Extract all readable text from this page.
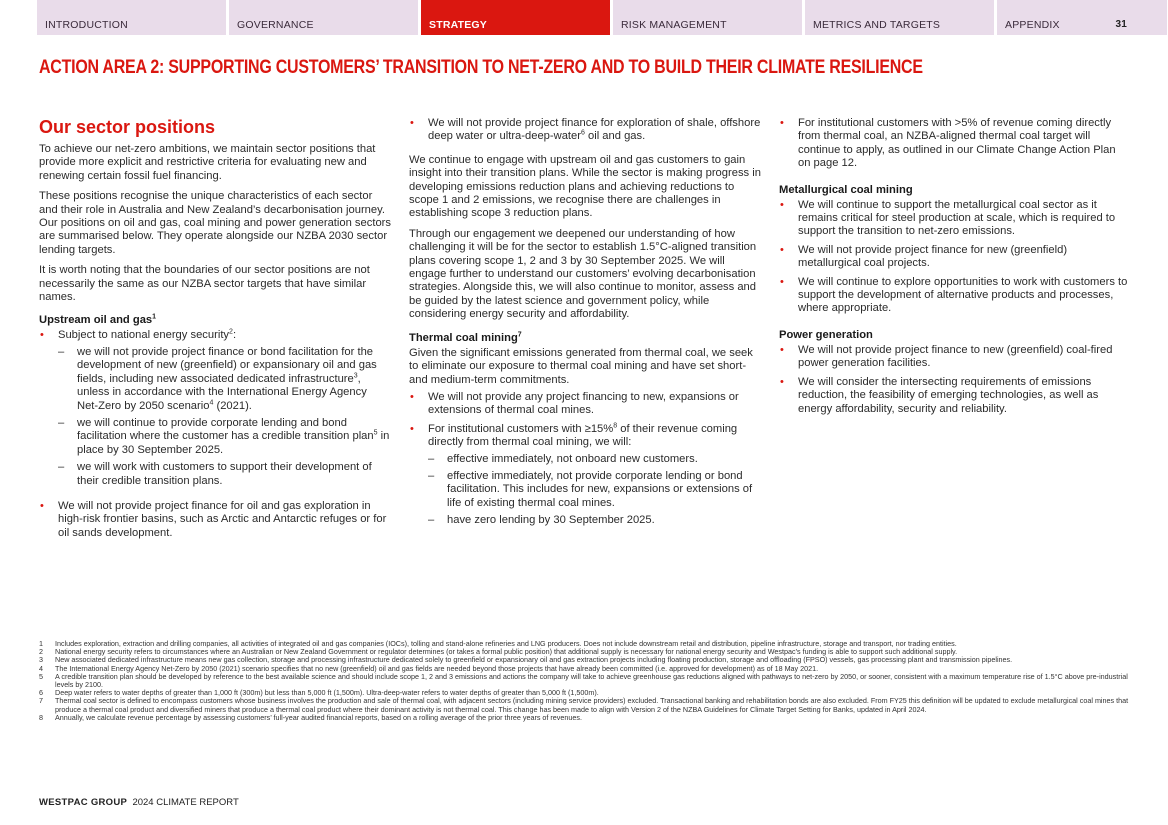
INTRODUCTION	GOVERNANCE	STRATEGY	RISK MANAGEMENT	METRICS AND TARGETS	APPENDIX	31
ACTION AREA 2: SUPPORTING CUSTOMERS’ TRANSITION TO NET-ZERO AND TO BUILD THEIR CLIMATE RESILIENCE
Our sector positions

To achieve our net-zero ambitions, we maintain sector positions that provide more explicit and restrictive criteria for evaluating new and renewing certain fossil fuel financing.

These positions recognise the unique characteristics of each sector and their role in Australia and New Zealand’s decarbonisation journey. Our positions on oil and gas, coal mining and power generation sectors are summarised below. They operate alongside our NZBA 2030 sector lending targets.

It is worth noting that the boundaries of our sector positions are not necessarily the same as our NZBA sector targets that have similar names.

Upstream oil and gas$^1$
• Subject to national energy security$^2$:
– we will not provide project finance or bond facilitation for the development of new (greenfield) or expansionary oil and gas fields, including new associated dedicated infrastructure$^3$, unless in accordance with the International Energy Agency Net-Zero by 2050 scenario$^4$ (2021).
– we will continue to provide corporate lending and bond facilitation where the customer has a credible transition plan$^5$ in place by 30 September 2025.
– we will work with customers to support their development of their credible transition plans.
• We will not provide project finance for oil and gas exploration in high-risk frontier basins, such as Arctic and Antarctic refuges or for oil sands development.
• We will not provide project finance for exploration of shale, offshore deep water or ultra-deep-water$^6$ oil and gas.

We continue to engage with upstream oil and gas customers to gain insight into their transition plans. While the sector is making progress in developing emissions reduction plans and achieving reductions to scope 1 and 2 emissions, we recognise there are challenges in establishing scope 3 reduction plans.

Through our engagement we deepened our understanding of how challenging it will be for the sector to establish 1.5°C-aligned transition plans covering scope 1, 2 and 3 by 30 September 2025. We will engage further to understand our customers’ evolving decarbonisation strategies. Alongside this, we will also continue to monitor, assess and be guided by the latest science and government policy, while considering energy security and affordability.

Thermal coal mining$^7$

Given the significant emissions generated from thermal coal, we seek to eliminate our exposure to thermal coal mining and have set short- and medium-term commitments.

• We will not provide any project financing to new, expansions or extensions of thermal coal mines.
• For institutional customers with ≥15%$^8$ of their revenue coming directly from thermal coal mining, we will:
– effective immediately, not onboard new customers.
– effective immediately, not provide corporate lending or bond facilitation. This includes for new, expansions or extensions of life of existing thermal coal mines.
– have zero lending by 30 September 2025.
• For institutional customers with >5% of revenue coming directly from thermal coal, an NZBA-aligned thermal coal target will continue to apply, as outlined in our Climate Change Action Plan on page 12.
Metallurgical coal mining
• We will continue to support the metallurgical coal sector as it remains critical for steel production at scale, which is required to support the transition to net-zero emissions.
• We will not provide project finance for new (greenfield) metallurgical coal projects.
• We will continue to explore opportunities to work with customers to support the development of alternative products and processes, where appropriate.
Power generation
• We will not provide project finance to new (greenfield) coal-fired power generation facilities.
• We will consider the intersecting requirements of emissions reduction, the feasibility of emerging technologies, as well as energy affordability, security and reliability.
1	Includes exploration, extraction and drilling companies, all activities of integrated oil and gas companies (IOCs), tolling and stand-alone refineries and LNG producers. Does not include downstream retail and distribution, pipeline infrastructure, storage and transport, nor trading entities.
2	National energy security refers to circumstances where an Australian or New Zealand Government or regulator determines (or takes a formal public position) that additional supply is necessary for national energy security and Westpac’s funding is able to support such additional supply.
3	New associated dedicated infrastructure means new gas collection, storage and processing infrastructure dedicated solely to greenfield or expansionary oil and gas extraction projects including floating production, storage and offloading (FPSO) vessels, gas processing plant and transmission pipelines.
4	The International Energy Agency Net-Zero by 2050 (2021) scenario specifies that no new (greenfield) oil and gas fields are needed beyond those projects that have already been committed (i.e. approved for development) as of 18 May 2021.
5	A credible transition plan should be developed by reference to the best available science and should include scope 1, 2 and 3 emissions and actions the company will take to achieve greenhouse gas reductions aligned with pathways to net-zero by 2050, or sooner, consistent with a maximum temperature rise of 1.5°C above pre-industrial levels by 2100.
6	Deep water refers to water depths of greater than 1,000 ft (300m) but less than 5,000 ft (1,500m). Ultra-deep-water refers to water depths of greater than 5,000 ft (1,500m).
7	Thermal coal sector is defined to encompass customers whose business involves the production and sale of thermal coal, with adjacent sectors (including mining service providers) excluded. Transactional banking and rehabilitation bonds are also excluded. From FY25 this definition will be updated to exclude metallurgical coal mines that produce a thermal coal product and diversified miners that produce a thermal coal product where their dominant activity is not thermal coal. This change has been made to align with Version 2 of the NZBA Guidelines for Climate Target Setting for Banks, updated in April 2024.
8	Annually, we calculate revenue percentage by assessing customers’ full-year audited financial reports, based on a rolling average of the prior three years of revenues.
WESTPAC GROUP 2024 CLIMATE REPORT
